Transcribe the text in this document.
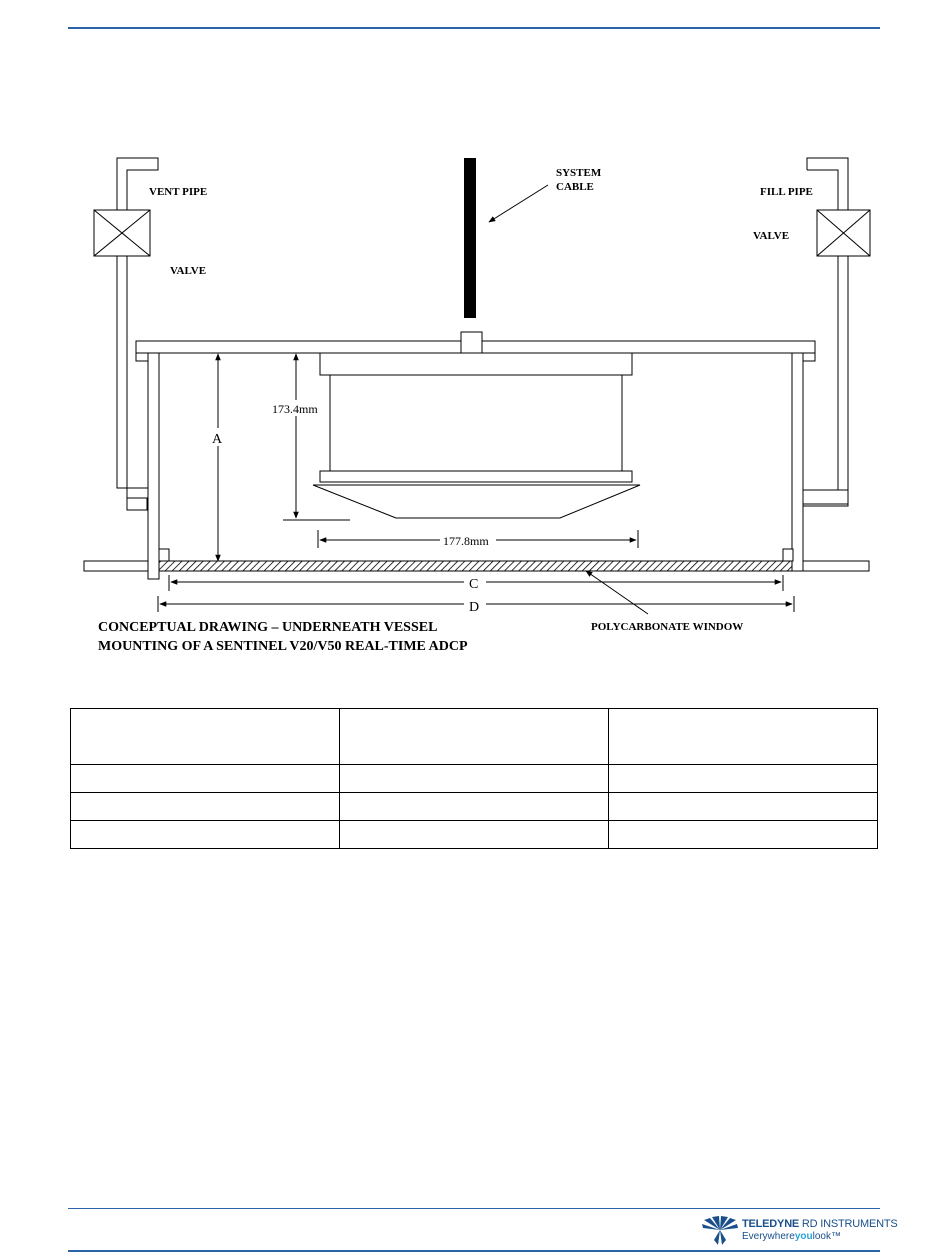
VENT PIPE
VALVE
SYSTEM
CABLE	FILL PIPE
VALVE
A
173.4mm
177.8mm
C
D
POLYCARBONATE WINDOW
CONCEPTUAL DRAWING – UNDERNEATH VESSEL
MOUNTING OF A SENTINEL V20/V50 REAL-TIME ADCP

TELEDYNE RD INSTRUMENTS
Everywhereyoulook™
